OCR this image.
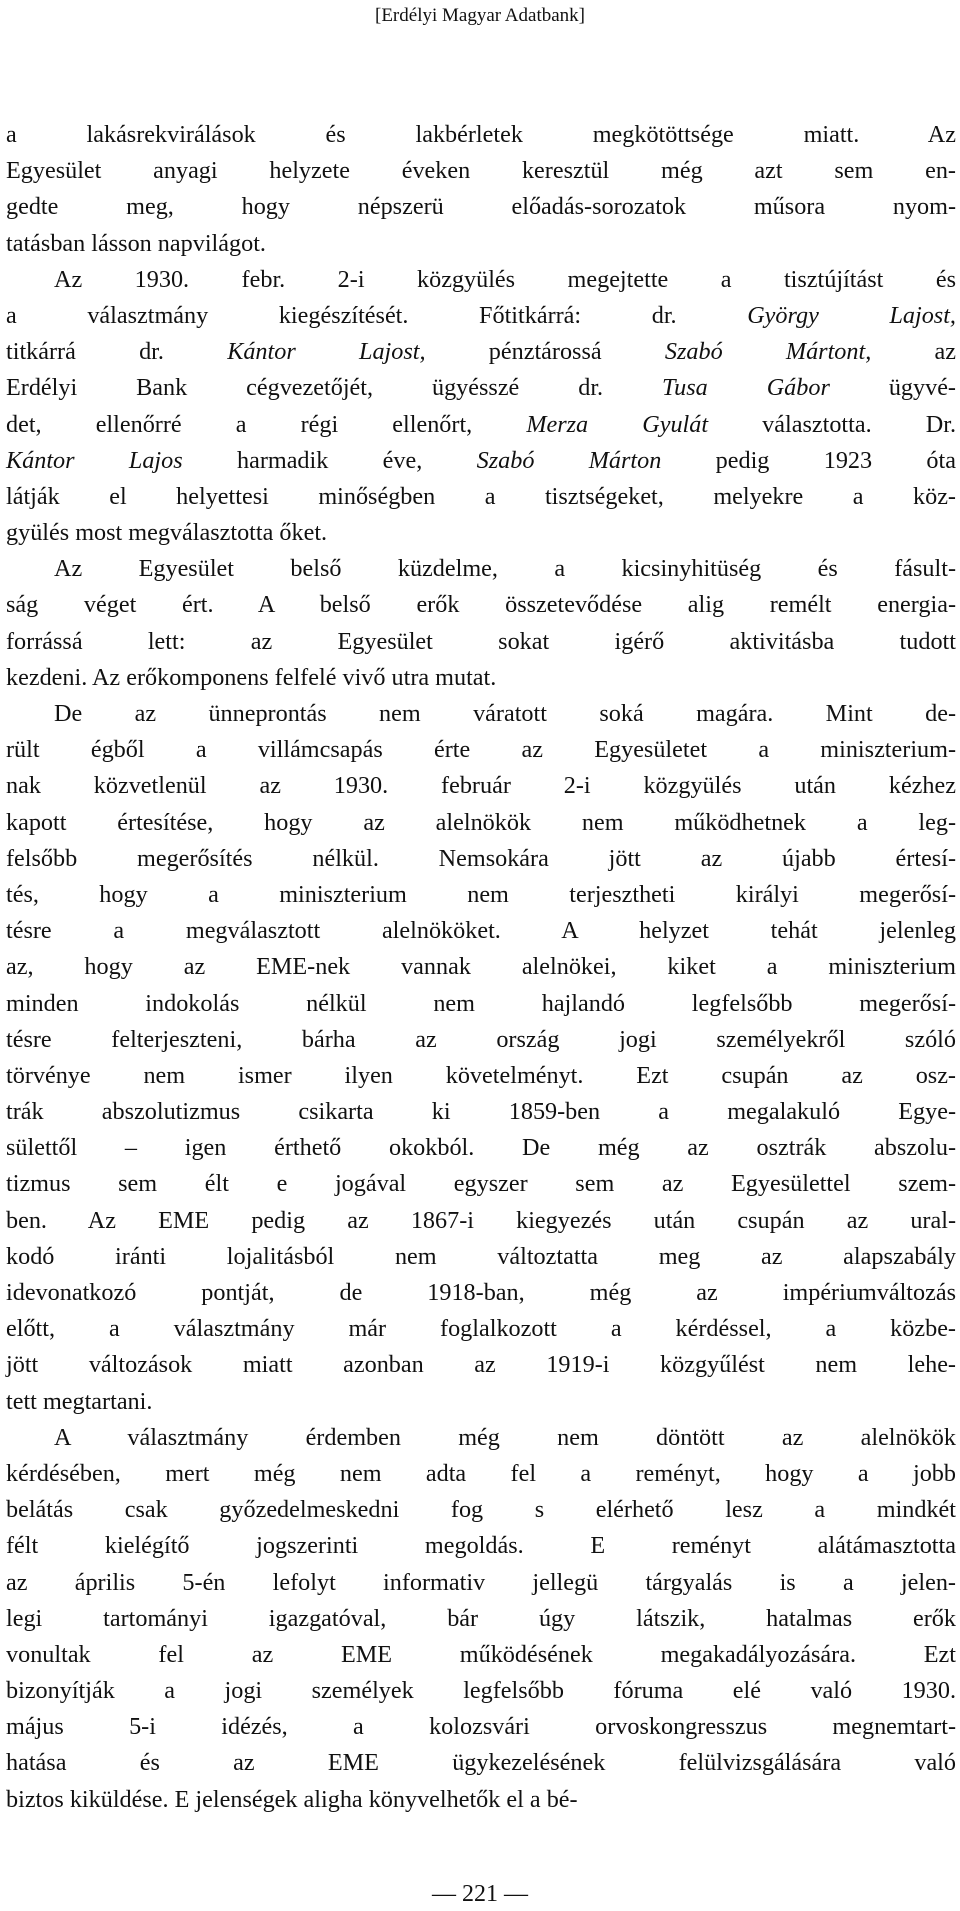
[Erdélyi Magyar Adatbank]
a lakásrekvirálások és lakbérletek megkötöttsége miatt. Az
Egyesület anyagi helyzete éveken keresztül még azt sem en-
gedte meg, hogy népszerü előadás-sorozatok műsora nyom-
tatásban lásson napvilágot.
Az 1930. febr. 2-i közgyülés megejtette a tisztújítást és
a választmány kiegészítését. Főtitkárrá: dr. György Lajost,
titkárrá dr. Kántor Lajost, pénztárossá Szabó Mártont, az
Erdélyi Bank cégvezetőjét, ügyésszé dr. Tusa Gábor ügyvé-
det, ellenőrré a régi ellenőrt, Merza Gyulát választotta. Dr.
Kántor Lajos harmadik éve, Szabó Márton pedig 1923 óta
látják el helyettesi minőségben a tisztségeket, melyekre a köz-
gyülés most megválasztotta őket.
Az Egyesület belső küzdelme, a kicsinyhitüség és fásult-
ság véget ért. A belső erők összetevődése alig remélt energia-
forrássá lett: az Egyesület sokat igérő aktivitásba tudott
kezdeni. Az erőkomponens felfelé vivő utra mutat.
De az ünneprontás nem váratott soká magára. Mint de-
rült égből a villámcsapás érte az Egyesületet a miniszterium-
nak közvetlenül az 1930. február 2-i közgyülés után kézhez
kapott értesítése, hogy az alelnökök nem működhetnek a leg-
felsőbb megerősítés nélkül. Nemsokára jött az újabb értesí-
tés, hogy a miniszterium nem terjesztheti királyi megerősí-
tésre a megválasztott alelnököket. A helyzet tehát jelenleg
az, hogy az EME-nek vannak alelnökei, kiket a miniszterium
minden indokolás nélkül nem hajlandó legfelsőbb megerősí-
tésre felterjeszteni, bárha az ország jogi személyekről szóló
törvénye nem ismer ilyen követelményt. Ezt csupán az osz-
trák abszolutizmus csikarta ki 1859-ben a megalakuló Egye-
sülettől – igen érthető okokból. De még az osztrák abszolu-
tizmus sem élt e jogával egyszer sem az Egyesülettel szem-
ben. Az EME pedig az 1867-i kiegyezés után csupán az ural-
kodó iránti lojalitásból nem változtatta meg az alapszabály
idevonatkozó pontját, de 1918-ban, még az impériumváltozás
előtt, a választmány már foglalkozott a kérdéssel, a közbe-
jött változások miatt azonban az 1919-i közgyűlést nem lehe-
tett megtartani.
A választmány érdemben még nem döntött az alelnökök
kérdésében, mert még nem adta fel a reményt, hogy a jobb
belátás csak győzedelmeskedni fog s elérhető lesz a mindkét
félt kielégítő jogszerinti megoldás. E reményt alátámasztotta
az április 5-én lefolyt informativ jellegü tárgyalás is a jelen-
legi tartományi igazgatóval, bár úgy látszik, hatalmas erők
vonultak fel az EME működésének megakadályozására. Ezt
bizonyítják a jogi személyek legfelsőbb fóruma elé való 1930.
május 5-i idézés, a kolozsvári orvoskongresszus megnemtart-
hatása és az EME ügykezelésének felülvizsgálására való
biztos kiküldése. E jelenségek aligha könyvelhetők el a bé-
— 221 —
